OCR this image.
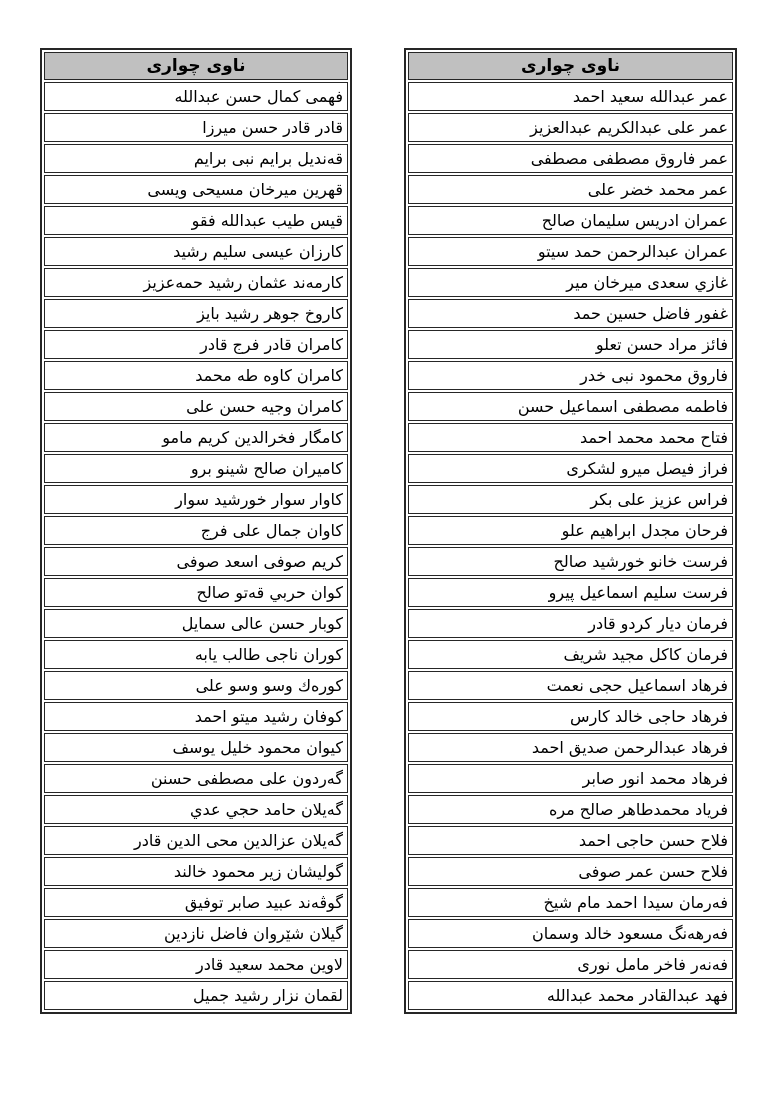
ناوی چواری
عمر عبدالله سعید احمد
عمر علی عبدالکریم عبدالعزیز
عمر فاروق مصطفی مصطفی
عمر محمد خضر علی
عمران ادریس سلیمان صالح
عمران عبدالرحمن حمد سیتو
غازي سعدی میرخان میر
غفور فاضل حسین حمد
فائز مراد حسن تعلو
فاروق محمود نبی خدر
فاطمه مصطفی اسماعیل حسن
فتاح محمد محمد احمد
فراز فیصل میرو لشکری
فراس عزیز علی بکر
فرحان مجدل ابراهیم علو
فرست خانو خورشید صالح
فرست سلیم اسماعیل پیرو
فرمان دیار کردو قادر
فرمان کاکل مجید شریف
فرهاد اسماعیل حجی نعمت
فرهاد حاجی خالد کارس
فرهاد عبدالرحمن صدیق احمد
فرهاد محمد انور صابر
فریاد محمدطاهر صالح مرە
فلاح حسن حاجی احمد
فلاح حسن عمر صوفی
فەرمان سیدا احمد مام شیخ
فەرهەنگ مسعود خالد وسمان
فەنەر فاخر مامل نوری
فهد عبدالقادر محمد عبدالله
ناوی چواری
فهمی کمال حسن عبدالله
قادر قادر حسن میرزا
قەندیل برایم نبی برایم
قهرین میرخان مسیحی ویسی
قیس طیب عبدالله فقو
کارزان عیسی سلیم رشید
کارمەند عثمان رشید حمەعزیز
کاروخ جوهر رشید بایز
کامران قادر فرج قادر
کامران کاوه طه محمد
کامران وجیه حسن علی
کامگار فخرالدین کریم مامو
کامیران صالح شینو برو
کاوار سوار خورشید سوار
کاوان جمال علی فرج
کریم صوفی اسعد صوفی
کوان حربي قەتو صالح
کوبار حسن عالی سمایل
کوران ناجی طالب یابه
کورەك وسو وسو علی
کوفان رشید میتو احمد
کیوان محمود خلیل یوسف
گەردون علی مصطفی حسنن
گەیلان حامد حجي عدي
گەیلان عزالدین محی الدین قادر
گولیشان زیر محمود خالند
گوڤەند عبید صابر توفیق
گیلان شێروان فاضل نازدین
لاوین محمد سعید قادر
لقمان نزار رشید جمیل
